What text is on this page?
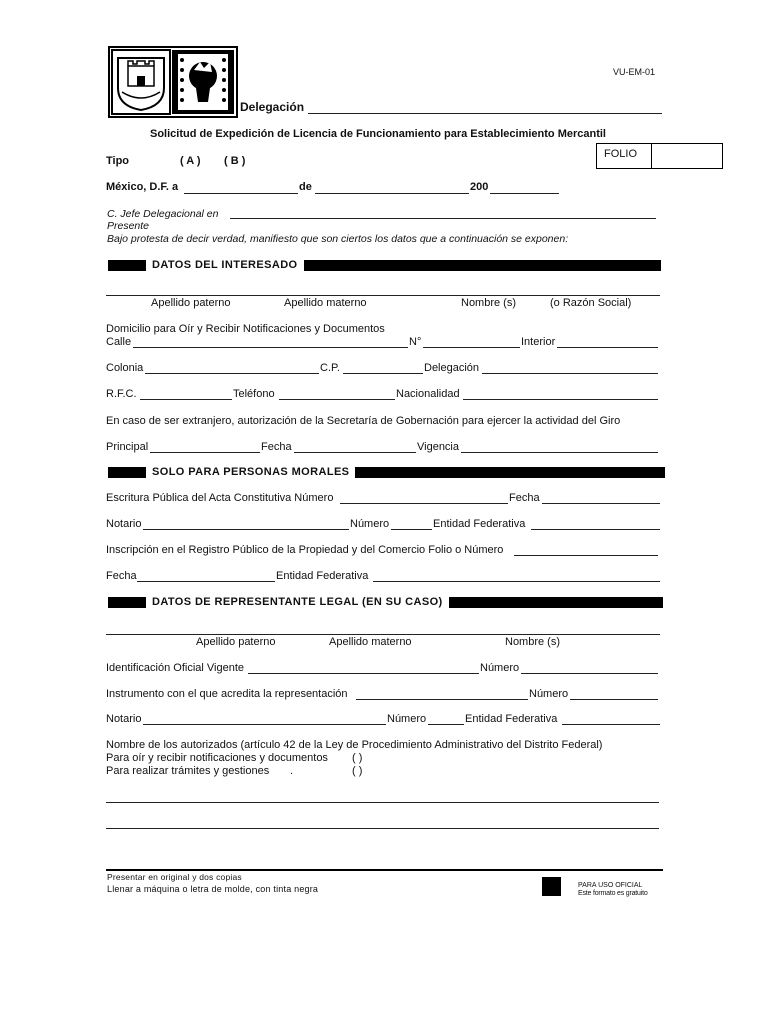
VU-EM-01
Delegación
Solicitud de Expedición de Licencia de Funcionamiento para Establecimiento Mercantil
Tipo	( A ) ( B )
FOLIO
México, D.F. a	de	200
C. Jefe Delegacional en
Presente
Bajo protesta de decir verdad, manifiesto que son ciertos los datos que a continuación se exponen:
DATOS DEL INTERESADO
Apellido paterno	Apellido materno	Nombre (s)	(o Razón Social)
Domicilio para Oír y Recibir Notificaciones y Documentos
Calle	N°	Interior
Colonia	C.P.	Delegación
R.F.C.	Teléfono	Nacionalidad
En caso de ser extranjero, autorización de la Secretaría de Gobernación para ejercer la actividad del Giro
Principal	Fecha	Vigencia
SOLO PARA PERSONAS MORALES
Escritura Pública del Acta Constitutiva Número	Fecha
Notario	Número	Entidad Federativa
Inscripción en el Registro Público de la Propiedad y del Comercio Folio o Número
Fecha	Entidad Federativa
DATOS DE REPRESENTANTE LEGAL (EN SU CASO)
Apellido paterno	Apellido materno	Nombre (s)
Identificación Oficial Vigente	Número
Instrumento con el que acredita la representación	Número
Notario	Número	Entidad Federativa
Nombre de los autorizados (artículo 42 de la Ley de Procedimiento Administrativo del Distrito Federal)
Para oír y recibir notificaciones y documentos ( )
Para realizar trámites y gestiones .	( )
Presentar en original y dos copias
Llenar a máquina o letra de molde, con tinta negra	PARA USO OFICIAL
Este formato es gratuito
